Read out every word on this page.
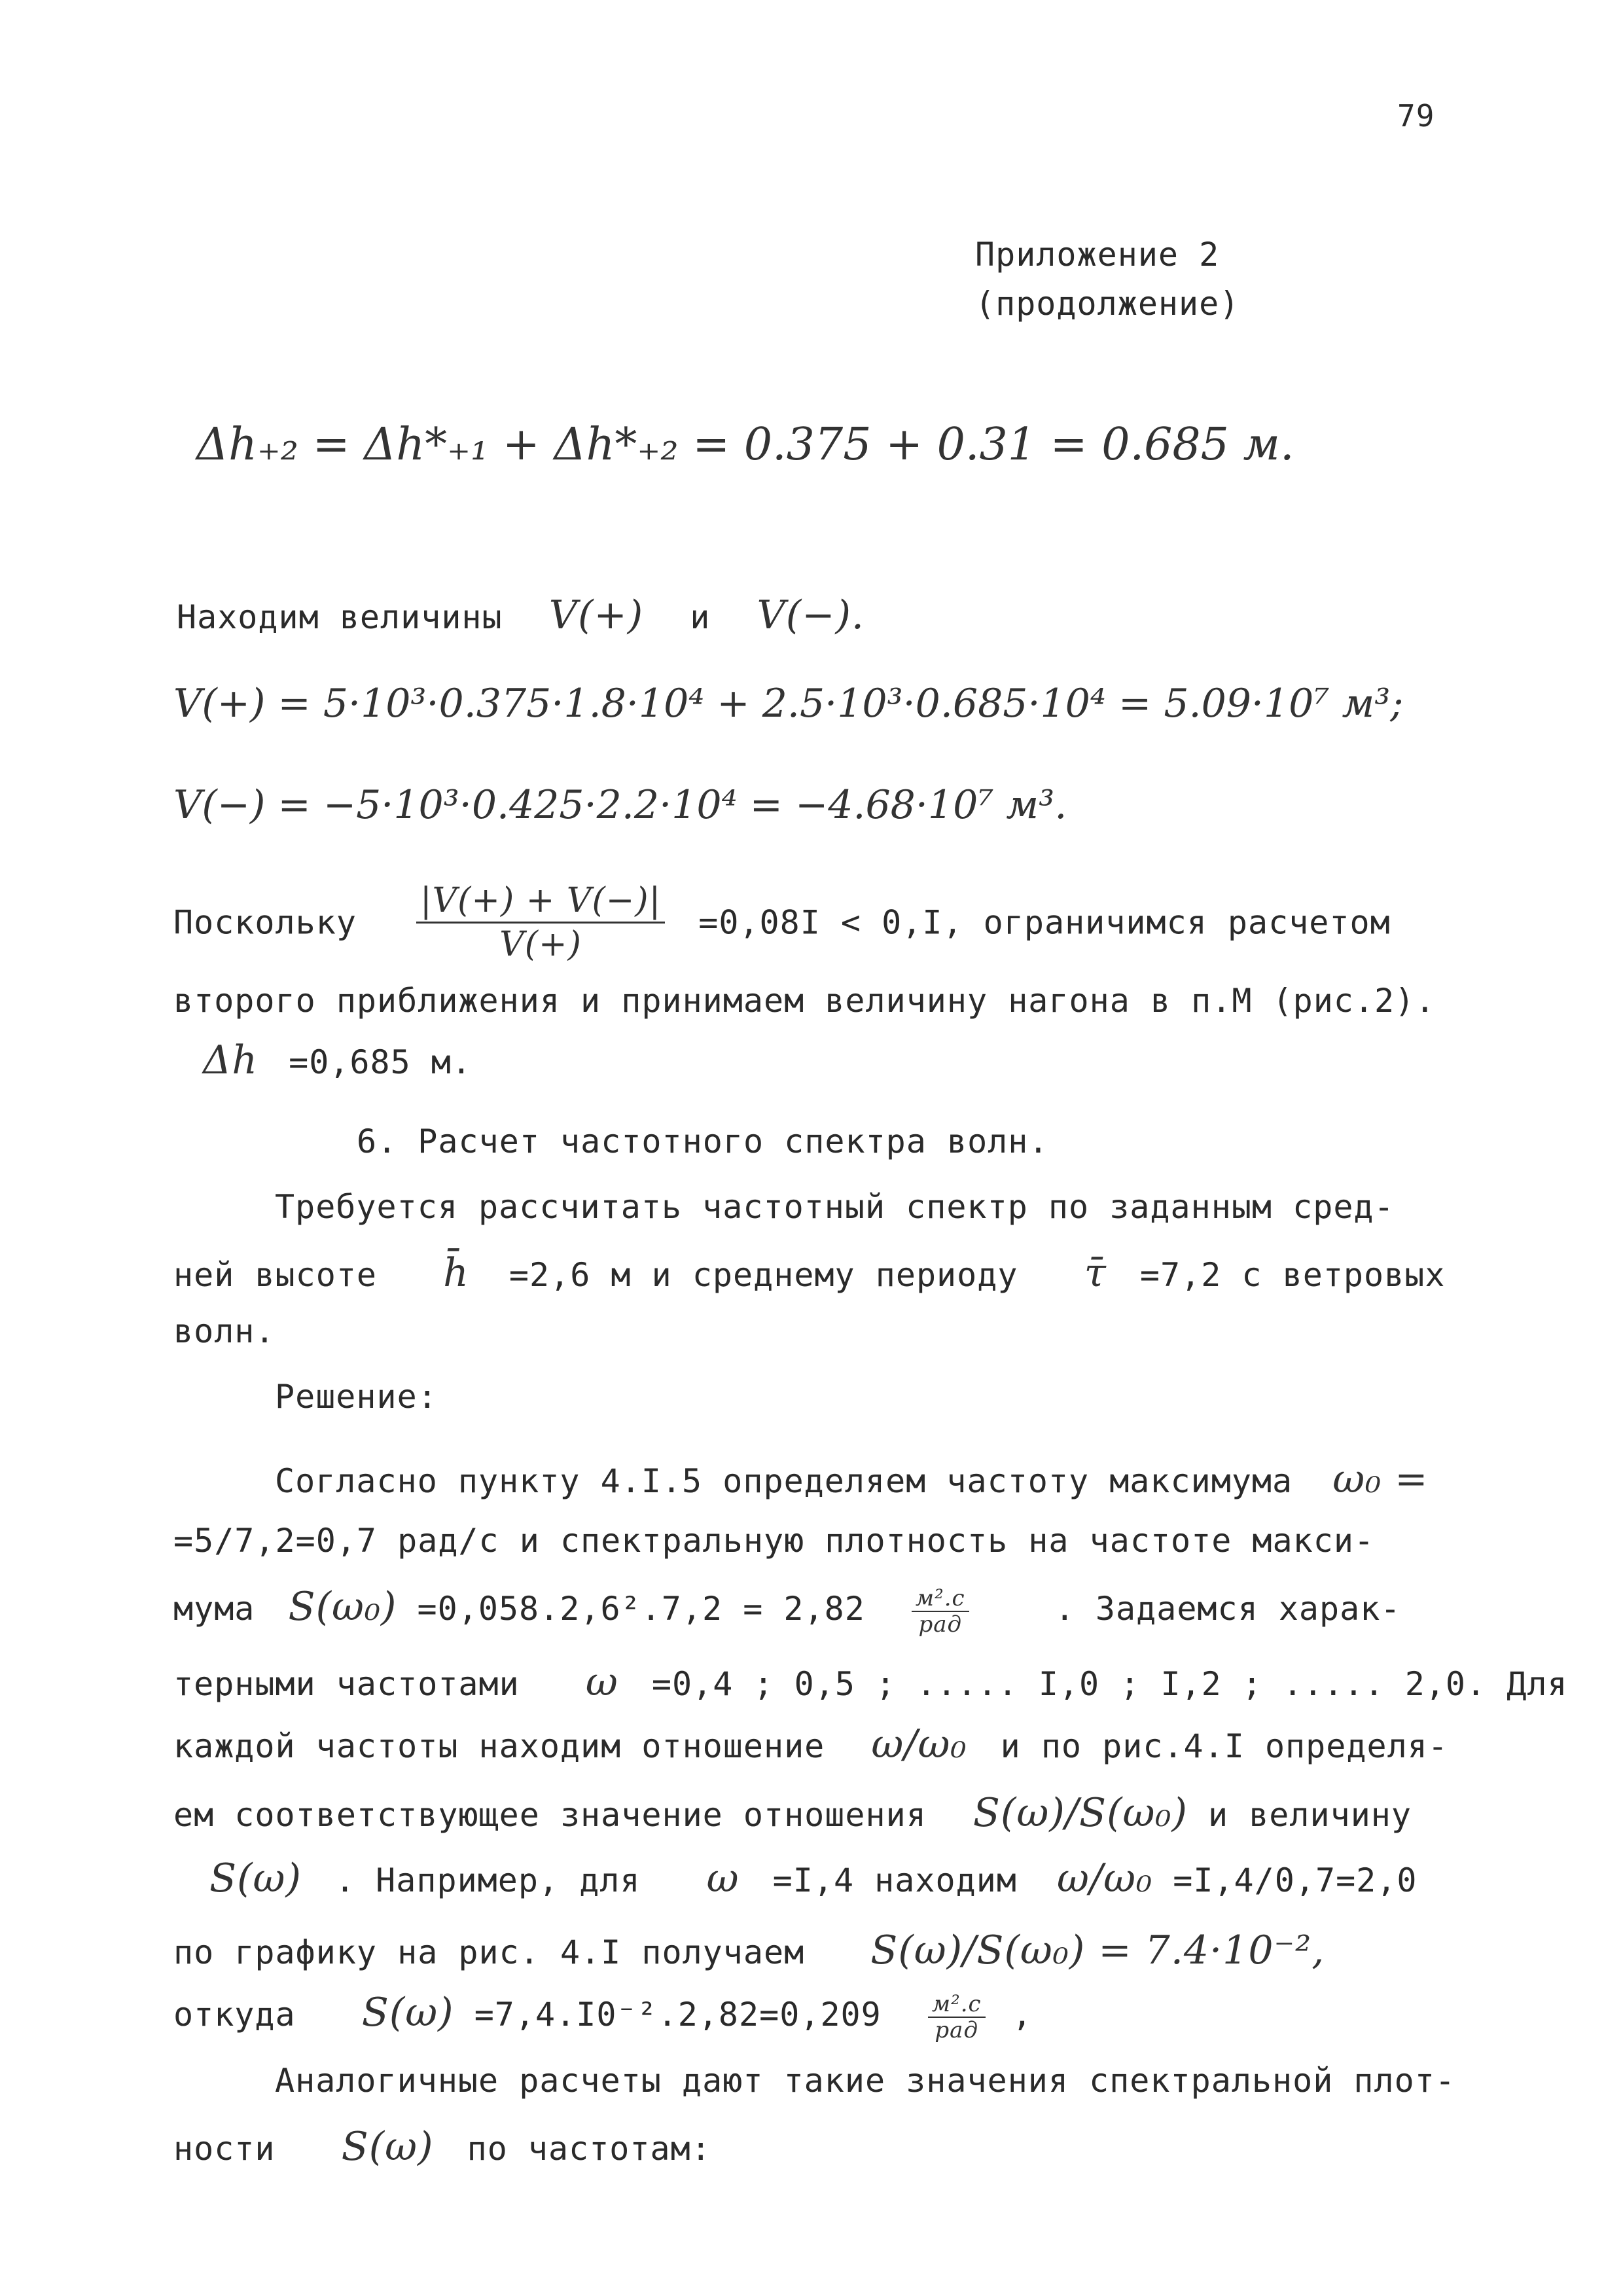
79
Приложение 2
(продолжение)
Δh₊₂ = Δh*₊₁ + Δh*₊₂ = 0.375 + 0.31 = 0.685 м.
Находим величины V(+) и V(−).
V(+) = 5·10³·0.375·1.8·10⁴ + 2.5·10³·0.685·10⁴ = 5.09·10⁷ м³;
V(−) = −5·10³·0.425·2.2·10⁴ = −4.68·10⁷ м³.
Поскольку $\frac{|V(+) + V(-)|}{V(+)} =0,08I < 0,I$, ограничимся расчетом
второго приближения и принимаем величину нагона в п.М (рис.2).
Δh =0,685 м.
6. Расчет частотного спектра волн.
Требуется рассчитать частотный спектр по заданным сред-
ней высоте h̄ =2,6 м и среднему периоду τ̄ =7,2 с ветровых
волн.
Решение:
Согласно пункту 4.I.5 определяем частоту максимума ω₀ =
=5/7,2=0,7 рад/с и спектральную плотность на частоте макси-
мума $S(\omega_0) =0,058.2,6^2.7,2 = 2,82 \frac{\text{м².с}}{\text{рад}}$	. Задаемся харак-
терными частотами ω =0,4 ; 0,5 ; ..... I,0 ; I,2 ; ..... 2,0. Для
каждой частоты находим отношение ω/ω₀ и по рис.4.I определя-
ем соответствующее значение отношения S(ω)/S(ω₀) и величину
S(ω) . Например, для ω =I,4 находим ω/ω₀ =I,4/0,7=2,0
по графику на рис. 4.I получаем S(ω)/S(ω₀) = 7.4·10⁻²,
откуда $S(\omega) =7,4.I0^{-2}.2,82=0,209 \frac{\text{м².с}}{\text{рад}}$ ,
Аналогичные расчеты дают такие значения спектральной плот-
ности S(ω) по частотам:
